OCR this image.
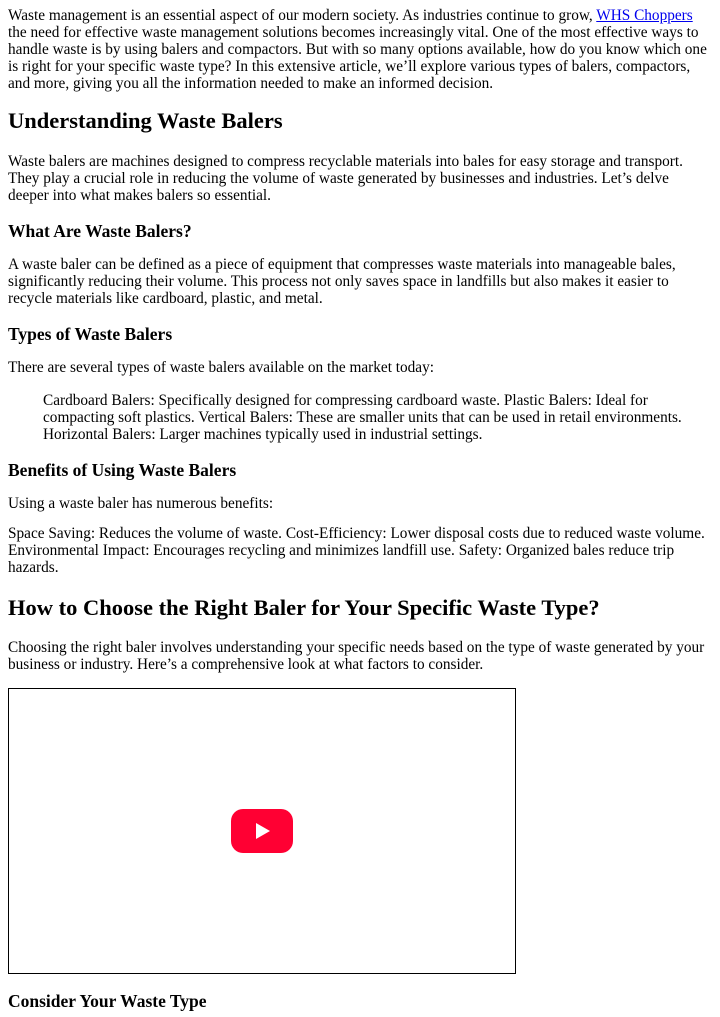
Waste management is an essential aspect of our modern society. As industries continue to grow, WHS Choppers the need for effective waste management solutions becomes increasingly vital. One of the most effective ways to handle waste is by using balers and compactors. But with so many options available, how do you know which one is right for your specific waste type? In this extensive article, we’ll explore various types of balers, compactors, and more, giving you all the information needed to make an informed decision.

Understanding Waste Balers

Waste balers are machines designed to compress recyclable materials into bales for easy storage and transport. They play a crucial role in reducing the volume of waste generated by businesses and industries. Let’s delve deeper into what makes balers so essential.

What Are Waste Balers?

A waste baler can be defined as a piece of equipment that compresses waste materials into manageable bales, significantly reducing their volume. This process not only saves space in landfills but also makes it easier to recycle materials like cardboard, plastic, and metal.

Types of Waste Balers

There are several types of waste balers available on the market today:

Cardboard Balers: Specifically designed for compressing cardboard waste. Plastic Balers: Ideal for compacting soft plastics. Vertical Balers: These are smaller units that can be used in retail environments. Horizontal Balers: Larger machines typically used in industrial settings.
Benefits of Using Waste Balers

Using a waste baler has numerous benefits:

Space Saving: Reduces the volume of waste. Cost-Efficiency: Lower disposal costs due to reduced waste volume. Environmental Impact: Encourages recycling and minimizes landfill use. Safety: Organized bales reduce trip hazards.

How to Choose the Right Baler for Your Specific Waste Type?

Choosing the right baler involves understanding your specific needs based on the type of waste generated by your business or industry. Here’s a comprehensive look at what factors to consider.

Consider Your Waste Type
